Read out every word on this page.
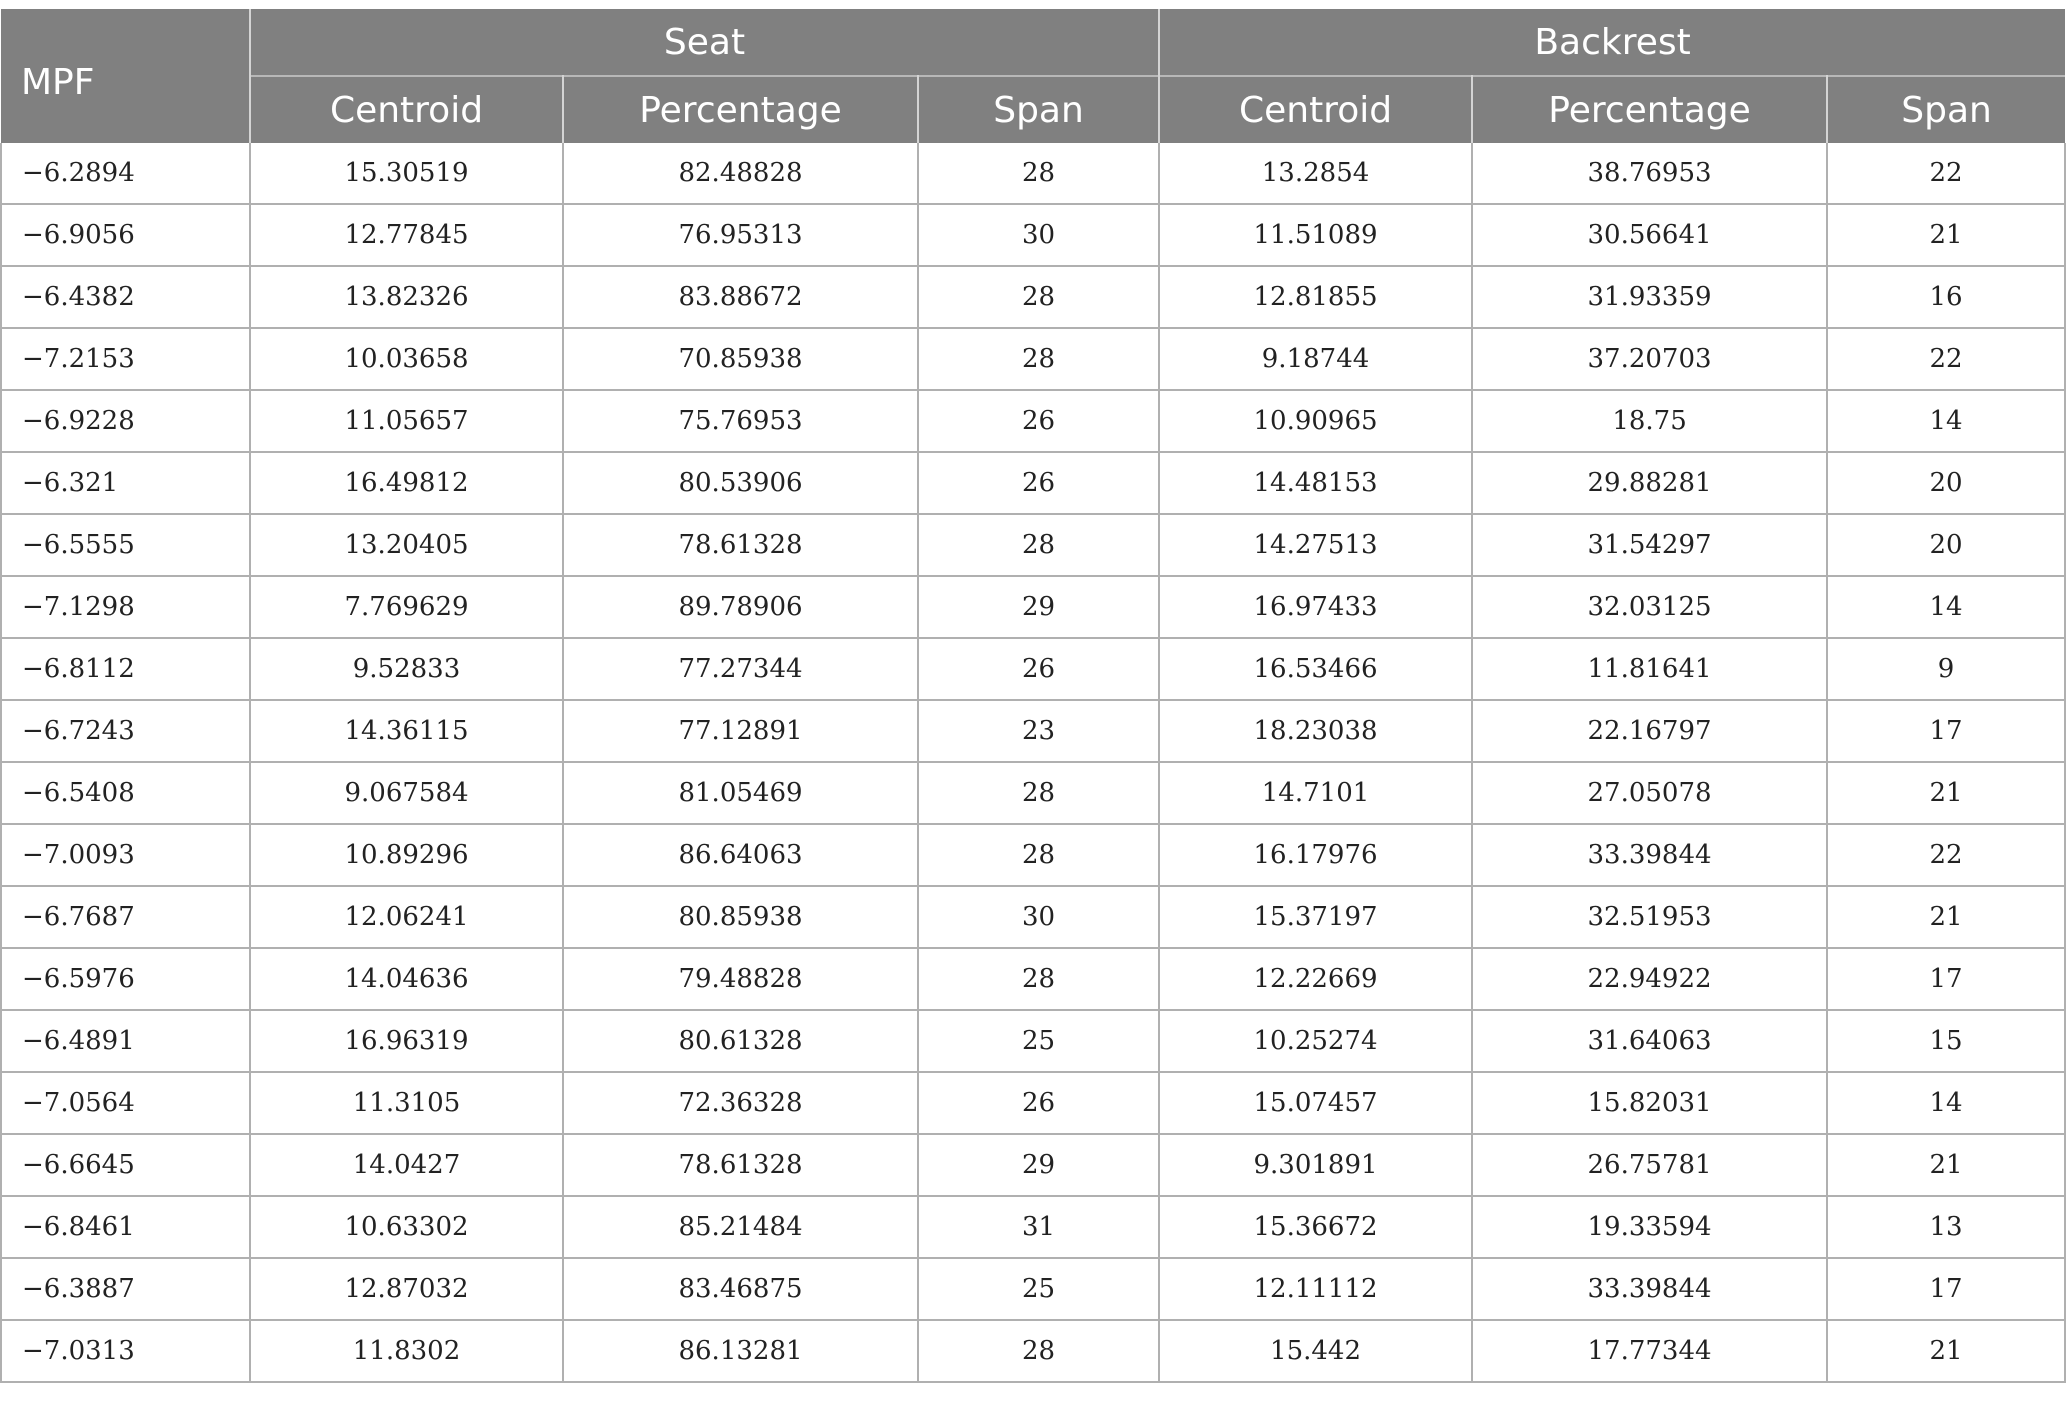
MPF	Seat			Backrest		
	Centroid	Percentage	Span	Centroid	Percentage	Span
−6.2894	15.30519	82.48828	28	13.2854	38.76953	22
−6.9056	12.77845	76.95313	30	11.51089	30.56641	21
−6.4382	13.82326	83.88672	28	12.81855	31.93359	16
−7.2153	10.03658	70.85938	28	9.18744	37.20703	22
−6.9228	11.05657	75.76953	26	10.90965	18.75	14
−6.321	16.49812	80.53906	26	14.48153	29.88281	20
−6.5555	13.20405	78.61328	28	14.27513	31.54297	20
−7.1298	7.769629	89.78906	29	16.97433	32.03125	14
−6.8112	9.52833	77.27344	26	16.53466	11.81641	9
−6.7243	14.36115	77.12891	23	18.23038	22.16797	17
−6.5408	9.067584	81.05469	28	14.7101	27.05078	21
−7.0093	10.89296	86.64063	28	16.17976	33.39844	22
−6.7687	12.06241	80.85938	30	15.37197	32.51953	21
−6.5976	14.04636	79.48828	28	12.22669	22.94922	17
−6.4891	16.96319	80.61328	25	10.25274	31.64063	15
−7.0564	11.3105	72.36328	26	15.07457	15.82031	14
−6.6645	14.0427	78.61328	29	9.301891	26.75781	21
−6.8461	10.63302	85.21484	31	15.36672	19.33594	13
−6.3887	12.87032	83.46875	25	12.11112	33.39844	17
−7.0313	11.8302	86.13281	28	15.442	17.77344	21
